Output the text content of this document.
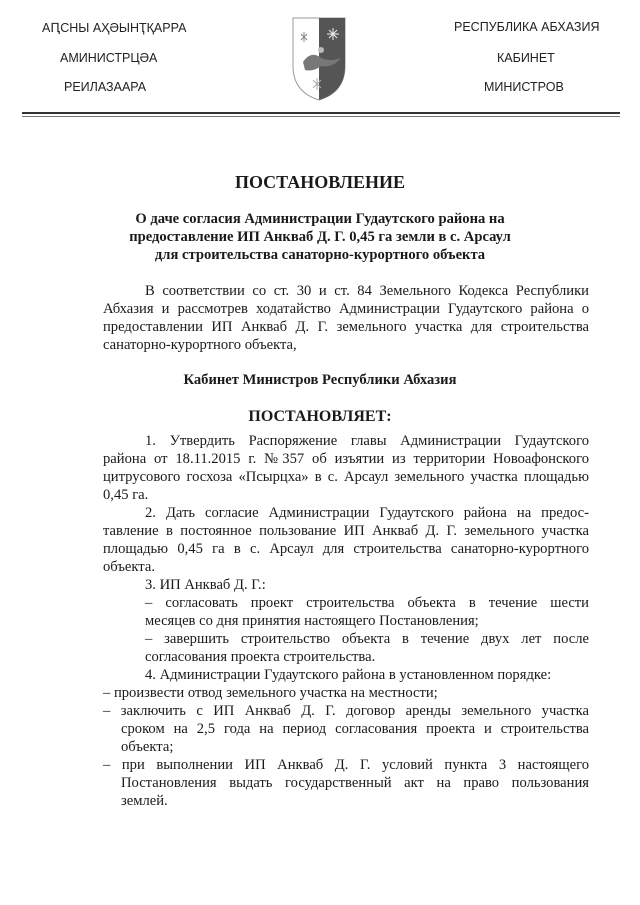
АԤСНЫ АҲӘЫНҬҚАРРА
АМИНИСТРЦӘА
РЕИЛАЗААРА
РЕСПУБЛИКА АБХАЗИЯ
КАБИНЕТ
МИНИСТРОВ
ПОСТАНОВЛЕНИЕ
О даче согласия Администрации Гудаутского района на
предоставление ИП Анкваб Д. Г. 0,45 га земли в с. Арсаул
для строительства санаторно-курортного объекта
В соответствии со ст. 30 и ст. 84 Земельного Кодекса Республики
Абхазия и рассмотрев ходатайство Администрации Гудаутского района о
предоставлении ИП Анкваб Д. Г. земельного участка для строительства
санаторно-курортного объекта,
Кабинет Министров Республики Абхазия
ПОСТАНОВЛЯЕТ:
1. Утвердить Распоряжение главы Администрации Гудаутского
района от 18.11.2015 г. №357 об изъятии из территории Новоафонского
цитрусового госхоза «Псырцха» в с. Арсаул земельного участка площадью
0,45 га.
2. Дать согласие Администрации Гудаутского района на предос-
тавление в постоянное пользование ИП Анкваб Д. Г. земельного участка
площадью 0,45 га в с. Арсаул для строительства санаторно-курортного
объекта.
3. ИП Анкваб Д. Г.:
– согласовать проект строительства объекта в течение шести
месяцев со дня принятия настоящего Постановления;
– завершить строительство объекта в течение двух лет после
согласования проекта строительства.
4. Администрации Гудаутского района в установленном порядке:
– произвести отвод земельного участка на местности;
– заключить с ИП Анкваб Д. Г. договор аренды земельного участка
сроком на 2,5 года на период согласования проекта и строительства
объекта;
– при выполнении ИП Анкваб Д. Г. условий пункта 3 настоящего
Постановления выдать государственный акт на право пользования
землей.
